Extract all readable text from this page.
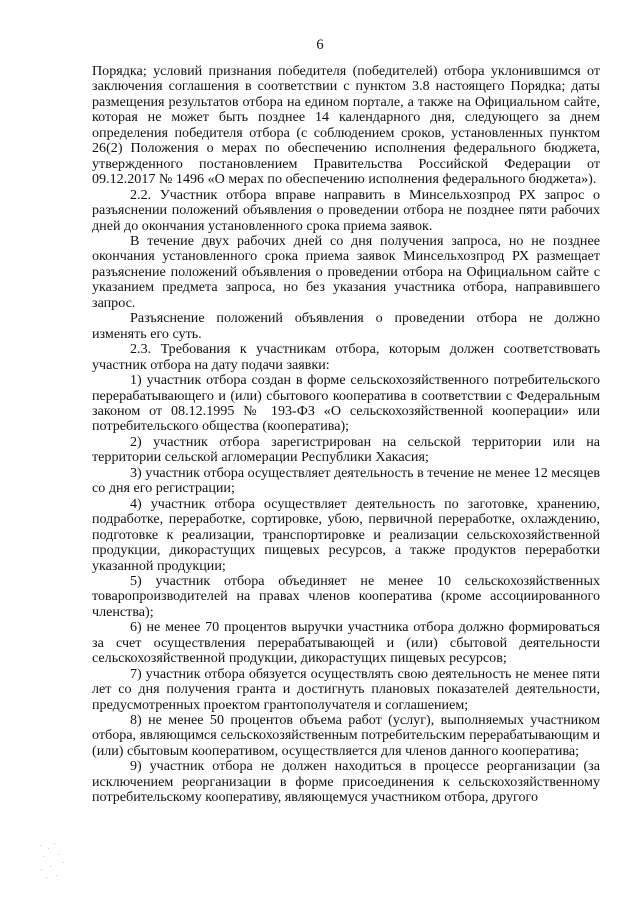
6

Порядка; условий признания победителя (победителей) отбора уклонившимся от заключения соглашения в соответствии с пунктом 3.8 настоящего Порядка; даты размещения результатов отбора на едином портале, а также на Официальном сайте, которая не может быть позднее 14 календарного дня, следующего за днем определения победителя отбора (с соблюдением сроков, установленных пунктом 26(2) Положения о мерах по обеспечению исполнения федерального бюджета, утвержденного постановлением Правительства Российской Федерации от 09.12.2017 № 1496 «О мерах по обеспечению исполнения федерального бюджета»).

2.2. Участник отбора вправе направить в Минсельхозпрод РХ запрос о разъяснении положений объявления о проведении отбора не позднее пяти рабочих дней до окончания установленного срока приема заявок.

В течение двух рабочих дней со дня получения запроса, но не позднее окончания установленного срока приема заявок Минсельхозпрод РХ размещает разъяснение положений объявления о проведении отбора на Официальном сайте с указанием предмета запроса, но без указания участника отбора, направившего запрос.

Разъяснение положений объявления о проведении отбора не должно изменять его суть.

2.3. Требования к участникам отбора, которым должен соответствовать участник отбора на дату подачи заявки:

1) участник отбора создан в форме сельскохозяйственного потребительского перерабатывающего и (или) сбытового кооператива в соответствии с Федеральным законом от 08.12.1995 № 193-ФЗ «О сельскохозяйственной кооперации» или потребительского общества (кооператива);

2) участник отбора зарегистрирован на сельской территории или на территории сельской агломерации Республики Хакасия;

3) участник отбора осуществляет деятельность в течение не менее 12 месяцев со дня его регистрации;

4) участник отбора осуществляет деятельность по заготовке, хранению, подработке, переработке, сортировке, убою, первичной переработке, охлаждению, подготовке к реализации, транспортировке и реализации сельскохозяйственной продукции, дикорастущих пищевых ресурсов, а также продуктов переработки указанной продукции;

5) участник отбора объединяет не менее 10 сельскохозяйственных товаропроизводителей на правах членов кооператива (кроме ассоциированного членства);

6) не менее 70 процентов выручки участника отбора должно формироваться за счет осуществления перерабатывающей и (или) сбытовой деятельности сельскохозяйственной продукции, дикорастущих пищевых ресурсов;

7) участник отбора обязуется осуществлять свою деятельность не менее пяти лет со дня получения гранта и достигнуть плановых показателей деятельности, предусмотренных проектом грантополучателя и соглашением;

8) не менее 50 процентов объема работ (услуг), выполняемых участником отбора, являющимся сельскохозяйственным потребительским перерабатывающим и (или) сбытовым кооперативом, осуществляется для членов данного кооператива;

9) участник отбора не должен находиться в процессе реорганизации (за исключением реорганизации в форме присоединения к сельскохозяйственному потребительскому кооперативу, являющемуся участником отбора, другого
